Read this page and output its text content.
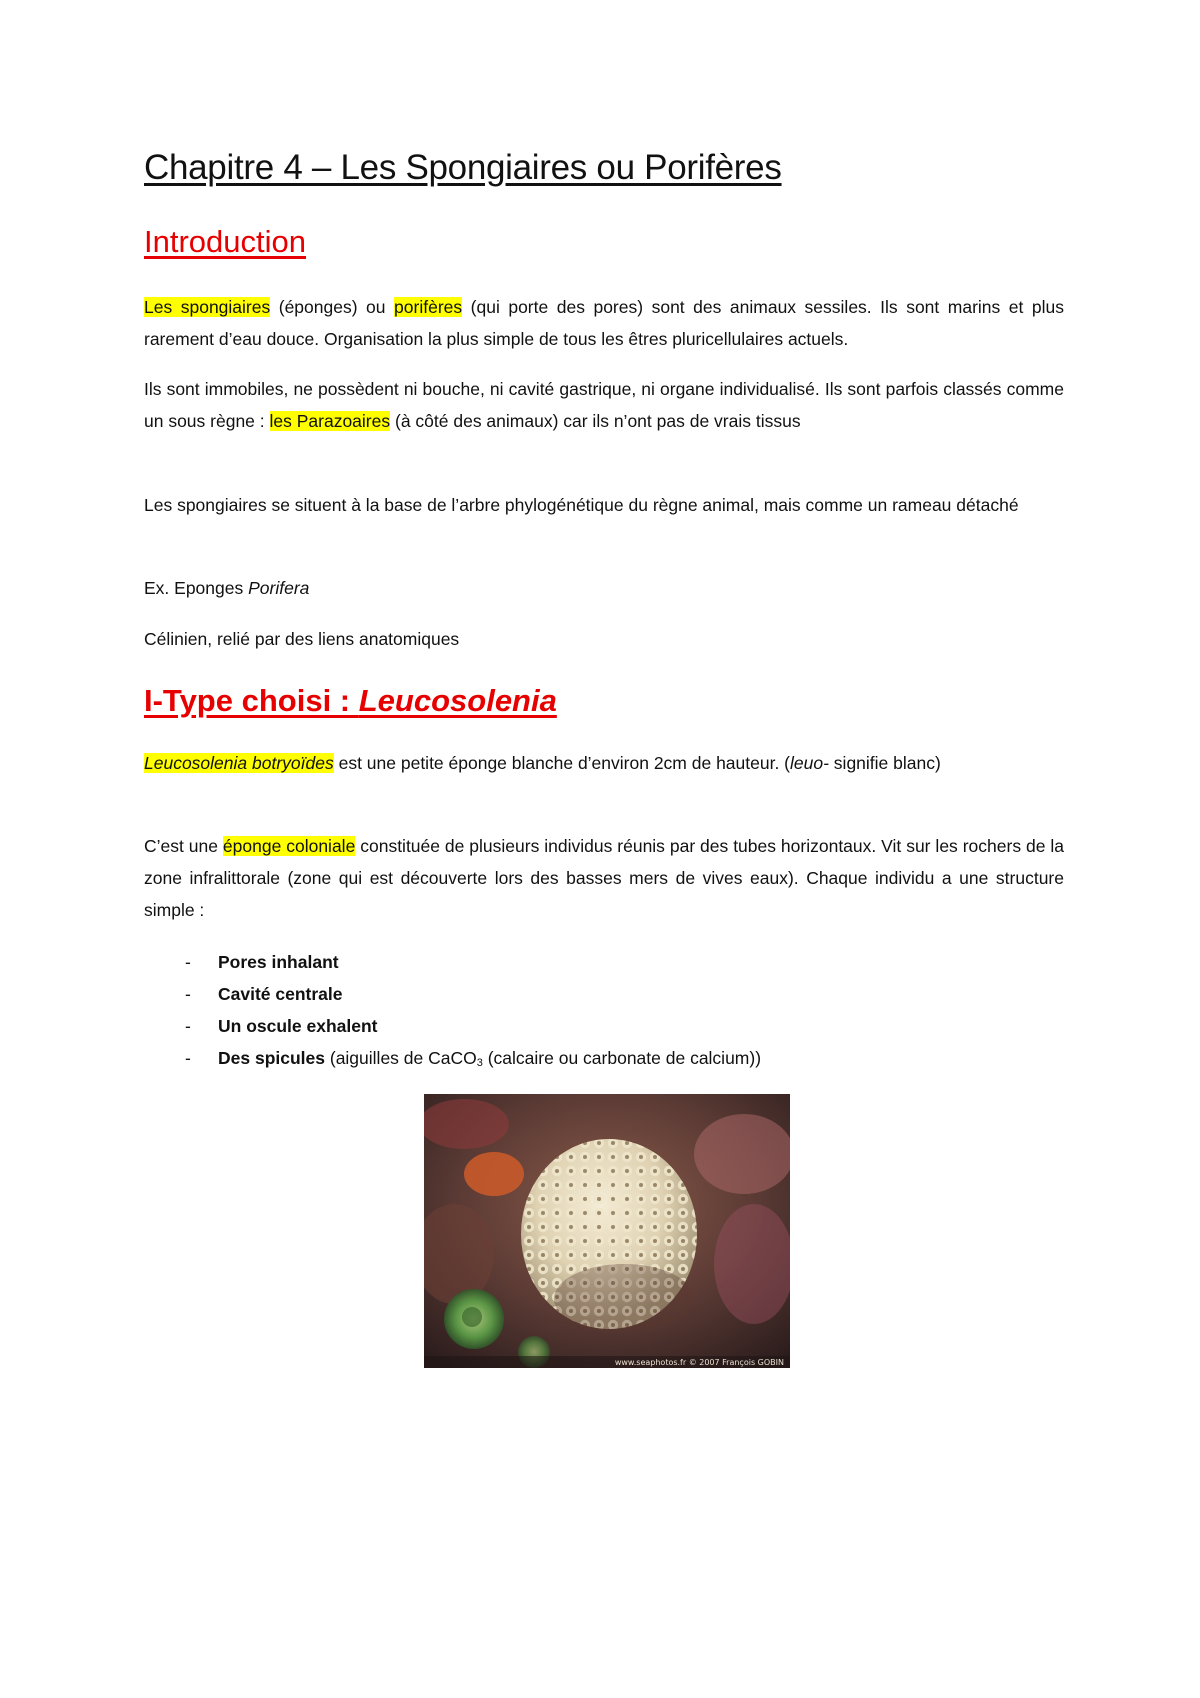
Chapitre 4 – Les Spongiaires ou Porifères
Introduction

Les spongiaires (éponges) ou porifères (qui porte des pores) sont des animaux sessiles. Ils sont marins et plus rarement d’eau douce. Organisation la plus simple de tous les êtres pluricellulaires actuels.

Ils sont immobiles, ne possèdent ni bouche, ni cavité gastrique, ni organe individualisé. Ils sont parfois classés comme un sous règne : les Parazoaires (à côté des animaux) car ils n’ont pas de vrais tissus

Les spongiaires se situent à la base de l’arbre phylogénétique du règne animal, mais comme un rameau détaché

Ex. Eponges Porifera

Célinien, relié par des liens anatomiques

I-Type choisi : Leucosolenia

Leucosolenia botryoïdes est une petite éponge blanche d’environ 2cm de hauteur. (leuo- signifie blanc)

C’est une éponge coloniale constituée de plusieurs individus réunis par des tubes horizontaux. Vit sur les rochers de la zone infralittorale (zone qui est découverte lors des basses mers de vives eaux). Chaque individu a une structure simple :

- Pores inhalant
- Cavité centrale
- Un oscule exhalent
- Des spicules (aiguilles de CaCO$_3$ (calcaire ou carbonate de calcium))
www.seaphotos.fr © 2007 François GOBIN
